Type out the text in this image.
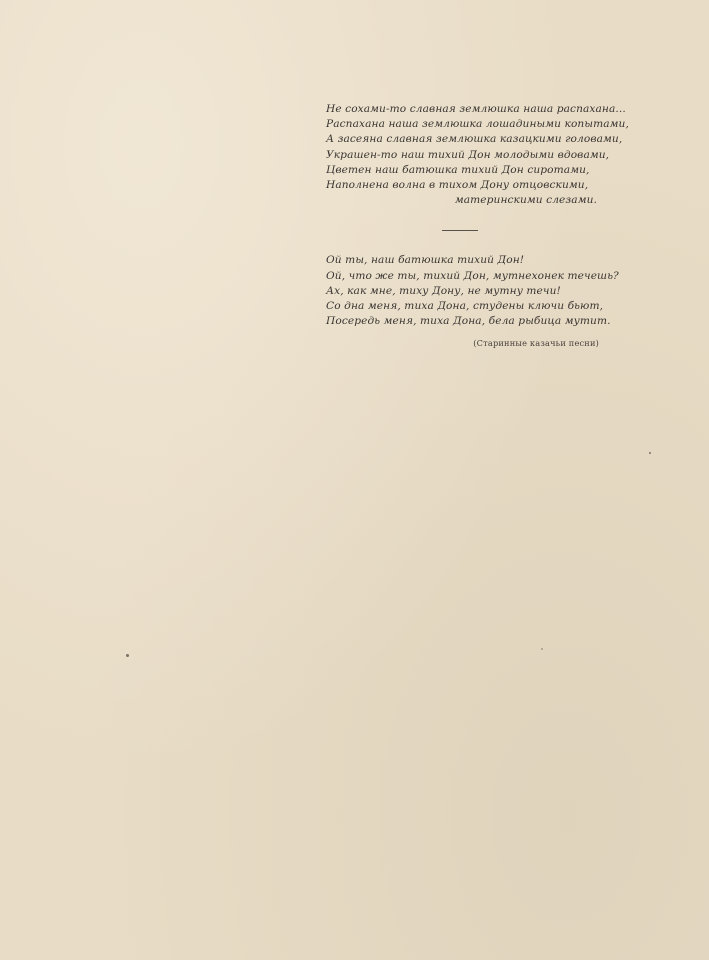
Не сохами-то славная землюшка наша распахана...
Распахана наша землюшка лошадиными копытами,
А засеяна славная землюшка казацкими головами,
Украшен-то наш тихий Дон молодыми вдовами,
Цветен наш батюшка тихий Дон сиротами,
Наполнена волна в тихом Дону отцовскими,
материнскими слезами.
Ой ты, наш батюшка тихий Дон!
Ой, что же ты, тихий Дон, мутнехонек течешь?
Ах, как мне, тиху Дону, не мутну течи!
Со дна меня, тиха Дона, студены ключи бьют,
Посередь меня, тиха Дона, бела рыбица мутит.
(Старинные казачьи песни)
